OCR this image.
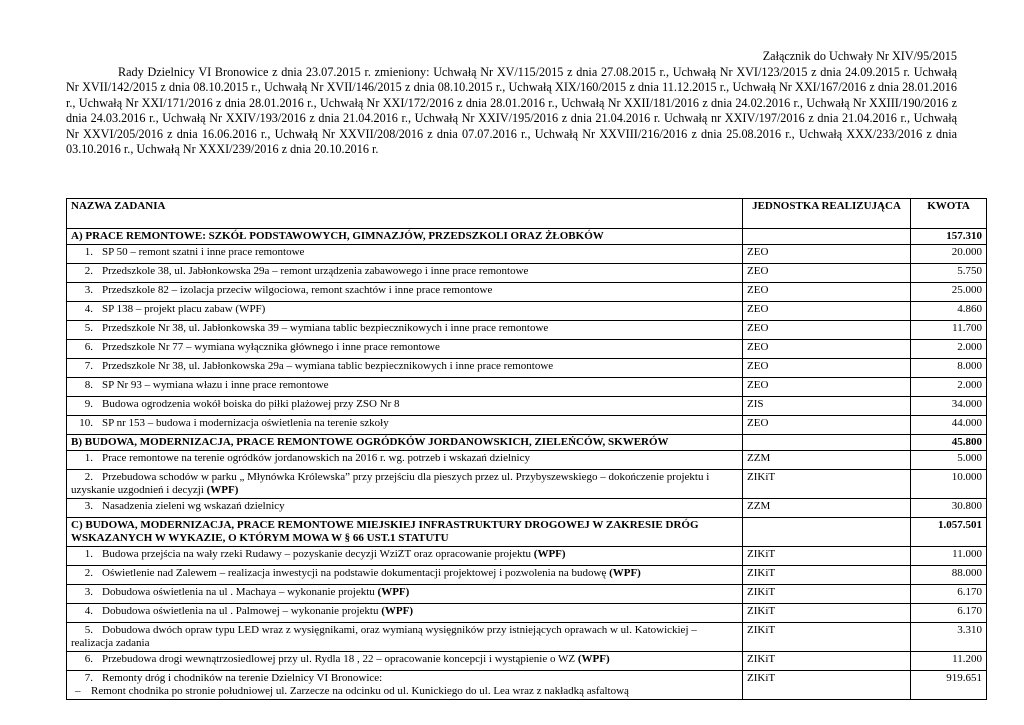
Załącznik do Uchwały Nr XIV/95/2015
Rady Dzielnicy VI Bronowice z dnia 23.07.2015 r. zmieniony: Uchwałą Nr XV/115/2015 z dnia 27.08.2015 r., Uchwałą Nr XVI/123/2015 z dnia 24.09.2015 r. Uchwałą Nr XVII/142/2015 z dnia 08.10.2015 r., Uchwałą Nr XVII/146/2015 z dnia 08.10.2015 r., Uchwałą XIX/160/2015 z dnia 11.12.2015 r., Uchwałą Nr XXI/167/2016 z dnia 28.01.2016 r., Uchwałą Nr XXI/171/2016 z dnia 28.01.2016 r., Uchwałą Nr XXI/172/2016 z dnia 28.01.2016 r., Uchwałą Nr XXII/181/2016 z dnia 24.02.2016 r., Uchwałą Nr XXIII/190/2016 z dnia 24.03.2016 r., Uchwałą Nr XXIV/193/2016 z dnia 21.04.2016 r., Uchwałą Nr XXIV/195/2016 z dnia 21.04.2016 r. Uchwałą nr XXIV/197/2016 z dnia 21.04.2016 r., Uchwałą Nr XXVI/205/2016 z dnia 16.06.2016 r., Uchwałą Nr XXVII/208/2016 z dnia 07.07.2016 r., Uchwałą Nr XXVIII/216/2016 z dnia 25.08.2016 r., Uchwałą XXX/233/2016 z dnia 03.10.2016 r., Uchwałą Nr XXXI/239/2016 z dnia 20.10.2016 r.
NAZWA ZADANIA	JEDNOSTKA REALIZUJĄCA	KWOTA
A) PRACE REMONTOWE: SZKÓŁ PODSTAWOWYCH, GIMNAZJÓW, PRZEDSZKOLI ORAZ ŻŁOBKÓW		157.310
1. SP 50 – remont szatni i inne prace remontowe	ZEO	20.000
2. Przedszkole 38, ul. Jabłonkowska 29a – remont urządzenia zabawowego i inne prace remontowe	ZEO	5.750
3. Przedszkole 82 – izolacja przeciw wilgociowa, remont szachtów i inne prace remontowe	ZEO	25.000
4. SP 138 – projekt placu zabaw (WPF)	ZEO	4.860
5. Przedszkole Nr 38, ul. Jabłonkowska 39 – wymiana tablic bezpiecznikowych i inne prace remontowe	ZEO	11.700
6. Przedszkole Nr 77 – wymiana wyłącznika głównego i inne prace remontowe	ZEO	2.000
7. Przedszkole Nr 38, ul. Jabłonkowska 29a – wymiana tablic bezpiecznikowych i inne prace remontowe	ZEO	8.000
8. SP Nr 93 – wymiana włazu i inne prace remontowe	ZEO	2.000
9. Budowa ogrodzenia wokół boiska do piłki plażowej przy ZSO Nr 8	ZIS	34.000
10. SP nr 153 – budowa i modernizacja oświetlenia na terenie szkoły	ZEO	44.000
B) BUDOWA, MODERNIZACJA, PRACE REMONTOWE OGRÓDKÓW JORDANOWSKICH, ZIELEŃCÓW, SKWERÓW		45.800
1. Prace remontowe na terenie ogródków jordanowskich na 2016 r. wg. potrzeb i wskazań dzielnicy	ZZM	5.000
2. Przebudowa schodów w parku „ Młynówka Królewska” przy przejściu dla pieszych przez ul. Przybyszewskiego – dokończenie projektu i uzyskanie uzgodnień i decyzji (WPF)	ZIKiT	10.000
3. Nasadzenia zieleni wg wskazań dzielnicy	ZZM	30.800
C) BUDOWA, MODERNIZACJA, PRACE REMONTOWE MIEJSKIEJ INFRASTRUKTURY DROGOWEJ W ZAKRESIE DRÓG WSKAZANYCH W WYKAZIE, O KTÓRYM MOWA W § 66 UST.1 STATUTU		1.057.501
1. Budowa przejścia na wały rzeki Rudawy – pozyskanie decyzji WziZT oraz opracowanie projektu (WPF)	ZIKiT	11.000
2. Oświetlenie nad Zalewem – realizacja inwestycji na podstawie dokumentacji projektowej i pozwolenia na budowę (WPF)	ZIKiT	88.000
3. Dobudowa oświetlenia na ul . Machaya – wykonanie projektu (WPF)	ZIKiT	6.170
4. Dobudowa oświetlenia na ul . Palmowej – wykonanie projektu (WPF)	ZIKiT	6.170
5. Dobudowa dwóch opraw typu LED wraz z wysięgnikami, oraz wymianą wysięgników przy istniejących oprawach w ul. Katowickiej – realizacja zadania	ZIKiT	3.310
6. Przebudowa drogi wewnątrzosiedlowej przy ul. Rydla 18 , 22 – opracowanie koncepcji i wystąpienie o WZ (WPF)	ZIKiT	11.200
7. Remonty dróg i chodników na terenie Dzielnicy VI Bronowice:
– Remont chodnika po stronie południowej ul. Zarzecze na odcinku od ul. Kunickiego do ul. Lea wraz z nakładką asfaltową	ZIKiT	919.651
